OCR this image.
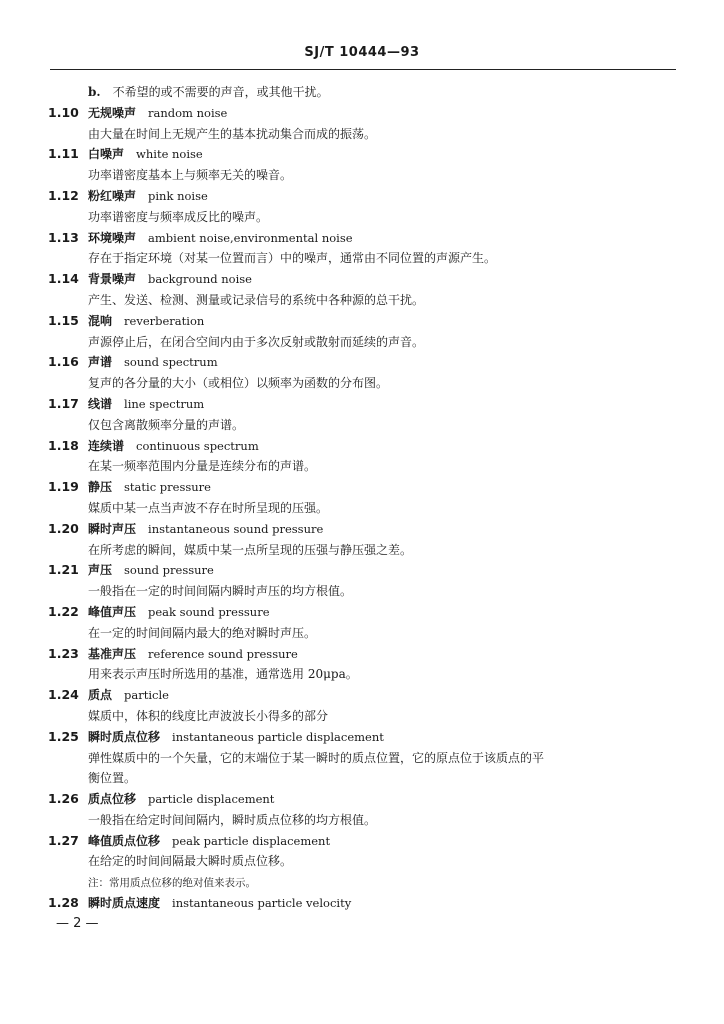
SJ/T 10444—93
b. 不希望的或不需要的声音，或其他干扰。
1.10 无规噪声 random noise
由大量在时间上无规产生的基本扰动集合而成的振荡。
1.11 白噪声 white noise
功率谱密度基本上与频率无关的噪音。
1.12 粉红噪声 pink noise
功率谱密度与频率成反比的噪声。
1.13 环境噪声 ambient noise,environmental noise
存在于指定环境（对某一位置而言）中的噪声，通常由不同位置的声源产生。
1.14 背景噪声 background noise
产生、发送、检测、测量或记录信号的系统中各种源的总干扰。
1.15 混响 reverberation
声源停止后，在闭合空间内由于多次反射或散射而延续的声音。
1.16 声谱 sound spectrum
复声的各分量的大小（或相位）以频率为函数的分布图。
1.17 线谱 line spectrum
仅包含离散频率分量的声谱。
1.18 连续谱 continuous spectrum
在某一频率范围内分量是连续分布的声谱。
1.19 静压 static pressure
媒质中某一点当声波不存在时所呈现的压强。
1.20 瞬时声压 instantaneous sound pressure
在所考虑的瞬间，媒质中某一点所呈现的压强与静压强之差。
1.21 声压 sound pressure
一般指在一定的时间间隔内瞬时声压的均方根值。
1.22 峰值声压 peak sound pressure
在一定的时间间隔内最大的绝对瞬时声压。
1.23 基准声压 reference sound pressure
用来表示声压时所选用的基准，通常选用 20μpa。
1.24 质点 particle
媒质中，体积的线度比声波波长小得多的部分
1.25 瞬时质点位移 instantaneous particle displacement
弹性媒质中的一个矢量，它的末端位于某一瞬时的质点位置，它的原点位于该质点的平
衡位置。
1.26 质点位移 particle displacement
一般指在给定时间间隔内，瞬时质点位移的均方根值。
1.27 峰值质点位移 peak particle displacement
在给定的时间间隔最大瞬时质点位移。
注：常用质点位移的绝对值来表示。
1.28 瞬时质点速度 instantaneous particle velocity
— 2 —
